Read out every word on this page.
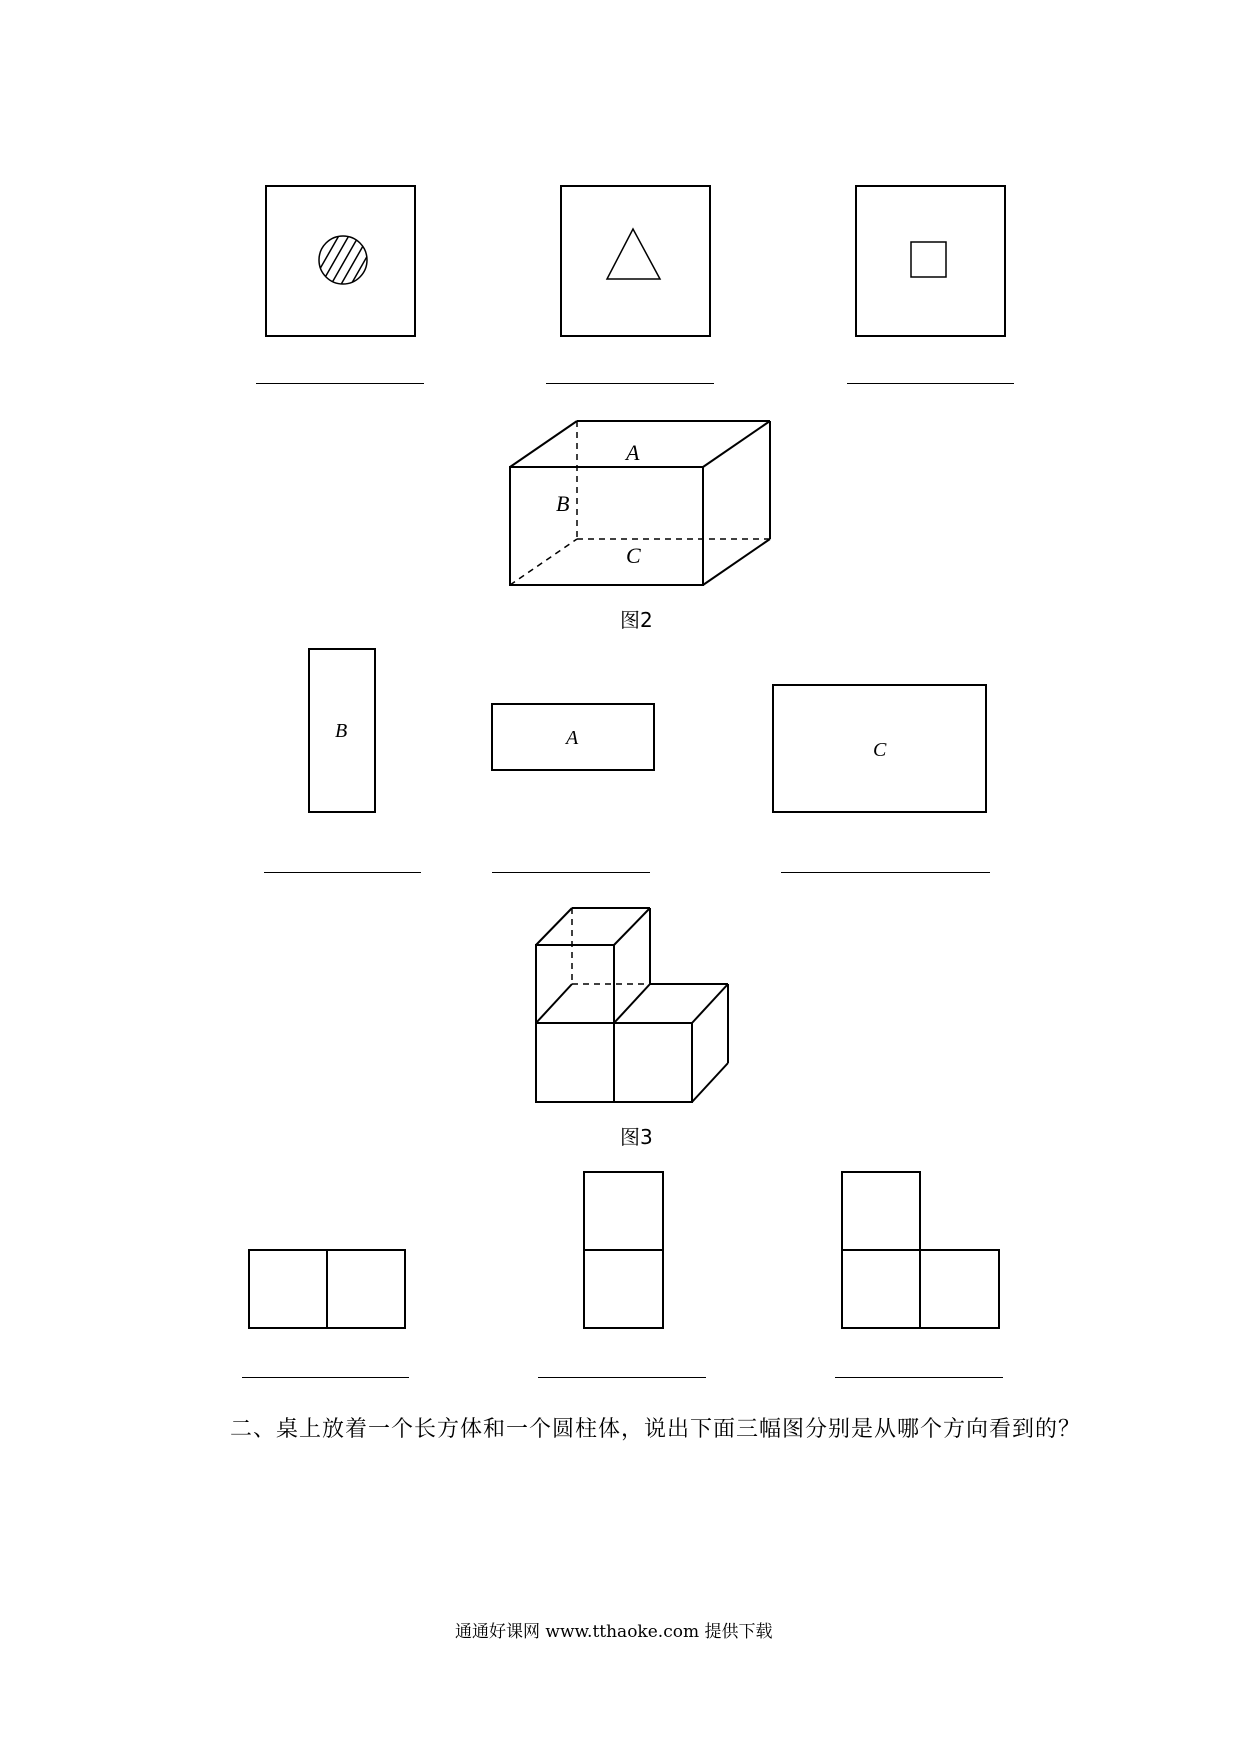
A
B
C
图2
B	A
C
图3
二、桌上放着一个长方体和一个圆柱体，说出下面三幅图分别是从哪个方向看到的？
通通好课网 www.tthaoke.com 提供下载
